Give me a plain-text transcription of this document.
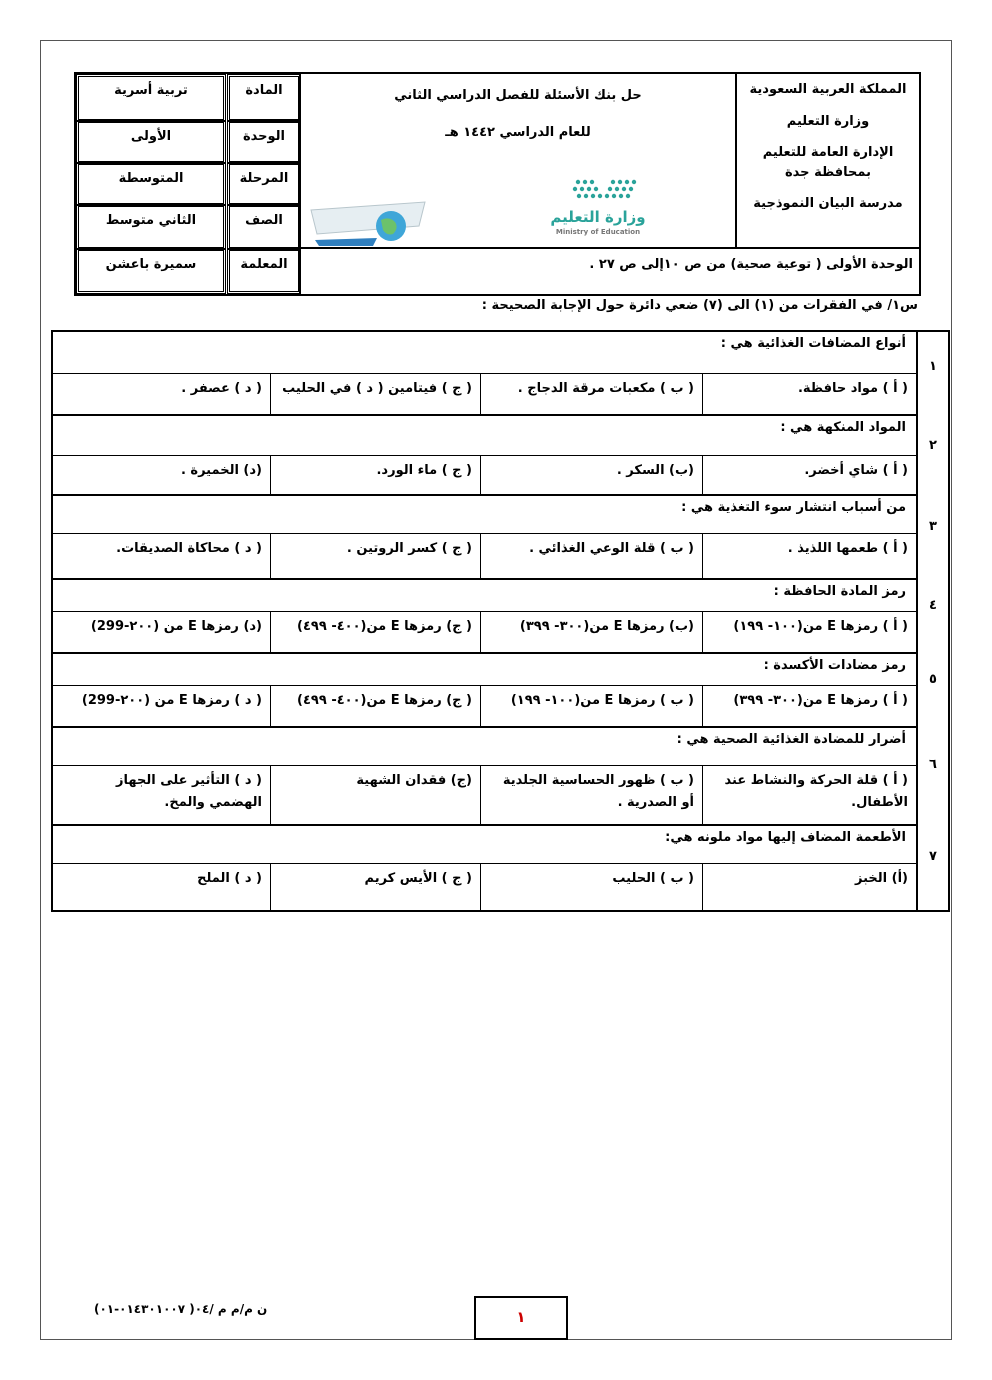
المملكة العربية السعودية
وزارة التعليم
الإدارة العامة للتعليم بمحافظة جدة
مدرسة البيان النموذجية
حل بنك الأسئلة للفصل الدراسي الثاني
للعام الدراسي ١٤٤٢ هـ
وزارة التعليم
Ministry of Education
الوحدة الأولى ( توعية صحية) من ص ١٠إلى ص ٢٧ .
المادة
تربية أسرية
الوحدة
الأولى
المرحلة
المتوسطة
الصف
الثاني متوسط
المعلمة
سميرة باعشن
س١/ في الفقرات من (١) الى (٧) ضعي دائرة حول الإجابة الصحيحة :
١
٢
٣
٤
٥
٦
٧
أنواع المضافات الغذائية هي :
( أ ) مواد حافظة.
( ب ) مكعبات مرقة الدجاج .
( ج ) فيتامين ( د ) في الحليب
( د ) عصفر .
المواد المنكهة هي :
( أ ) شاي أخضر.
(ب) السكر .
( ج ) ماء الورد.
(د) الخميرة .
من أسباب انتشار سوء التغذية هي :
( أ ) طعمها اللذيذ .
( ب ) قلة الوعي الغذائي .
( ج ) كسر الروتين .
( د ) محاكاة الصديقات.
رمز المادة الحافظة :
( أ ) رمزها E من(١٠٠- ١٩٩)
(ب) رمزها E من(٣٠٠- ٣٩٩)
( ج) رمزها E من(٤٠٠- ٤٩٩)
(د) رمزها E من (٢٠٠-299)
رمز مضادات الأكسدة :
( أ ) رمزها E من(٣٠٠- ٣٩٩)
( ب ) رمزها E من(١٠٠- ١٩٩)
( ج) رمزها E من(٤٠٠- ٤٩٩)
( د ) رمزها E من (٢٠٠-299)
أضرار للمضادة الغذائية الصحية هي :
( أ ) قلة الحركة والنشاط عند الأطفال.
( ب ) ظهور الحساسية الجلدية أو الصدرية .
(ج) فقدان الشهية
( د ) التأثير على الجهاز الهضمي والمخ.
الأطعمة المضاف إليها مواد ملونه هي:
(أ) الخبز
( ب ) الحليب
( ج ) الأيس كريم
( د ) الملح
ن م/م م /٠٤( ٠١٤٣٠١٠٠٧-٠١)	١
